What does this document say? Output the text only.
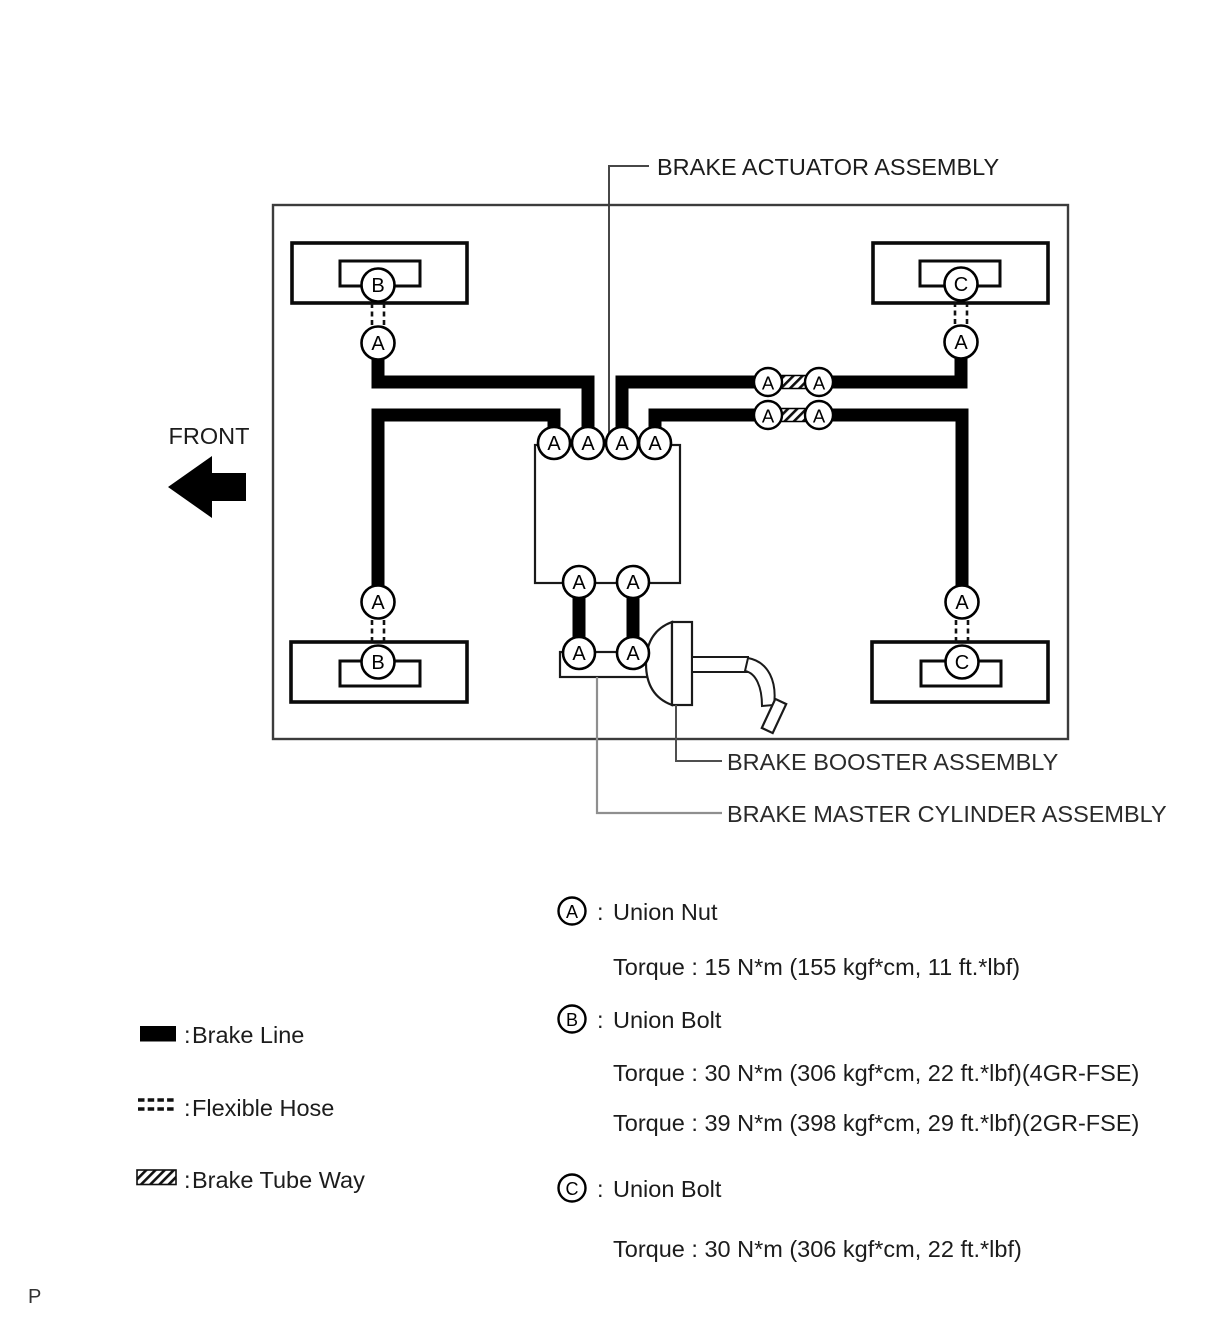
BRAKE ACTUATOR ASSEMBLY
FRONT
BRAKE BOOSTER ASSEMBLY
BRAKE MASTER CYLINDER ASSEMBLY
B
A
C
A
A
B
A
C
A A A A
A A
A A
A A
A A
: Brake Line
: Flexible Hose
: Brake Tube Way
A : Union Nut
Torque : 15 N*m (155 kgf*cm, 11 ft.*lbf)
B : Union Bolt
Torque : 30 N*m (306 kgf*cm, 22 ft.*lbf)(4GR-FSE)
Torque : 39 N*m (398 kgf*cm, 29 ft.*lbf)(2GR-FSE)
C : Union Bolt
Torque : 30 N*m (306 kgf*cm, 22 ft.*lbf)
P
